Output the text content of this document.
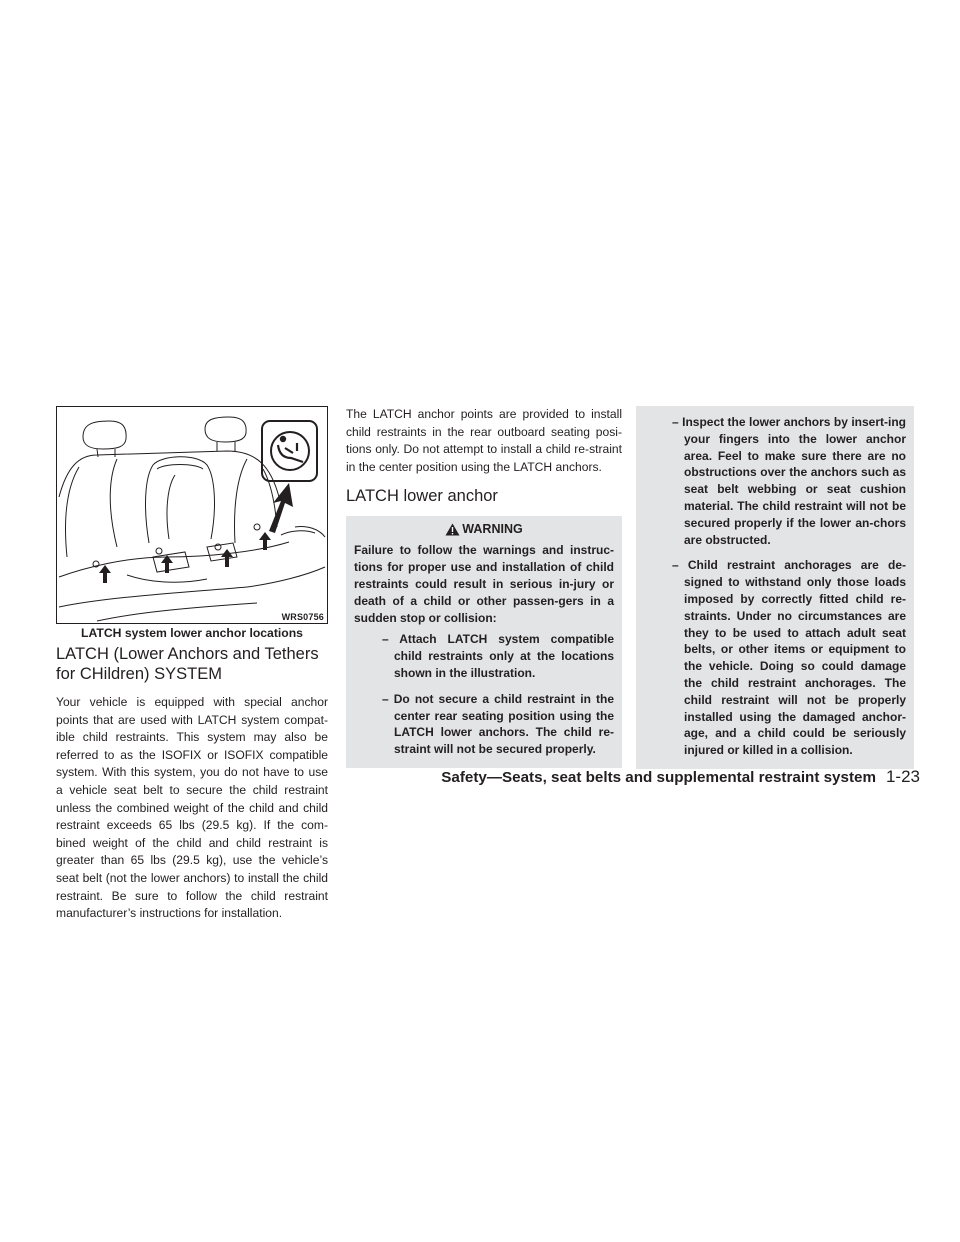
WRS0756
LATCH system lower anchor locations
LATCH (Lower Anchors and Tethers for CHildren) SYSTEM

Your vehicle is equipped with special anchor points that are used with LATCH system compat-ible child restraints. This system may also be referred to as the ISOFIX or ISOFIX compatible system. With this system, you do not have to use a vehicle seat belt to secure the child restraint unless the combined weight of the child and child restraint exceeds 65 lbs (29.5 kg). If the com-bined weight of the child and child restraint is greater than 65 lbs (29.5 kg), use the vehicle’s seat belt (not the lower anchors) to install the child restraint. Be sure to follow the child restraint manufacturer’s instructions for installation.

The LATCH anchor points are provided to install child restraints in the rear outboard seating posi-tions only. Do not attempt to install a child re-straint in the center position using the LATCH anchors.

LATCH lower anchor
WARNING

Failure to follow the warnings and instruc-tions for proper use and installation of child restraints could result in serious in-jury or death of a child or other passen-gers in a sudden stop or collision:

– Attach LATCH system compatible child restraints only at the locations shown in the illustration.
– Do not secure a child restraint in the center rear seating position using the LATCH lower anchors. The child re-straint will not be secured properly.
– Inspect the lower anchors by insert-ing your fingers into the lower anchor area. Feel to make sure there are no obstructions over the anchors such as seat belt webbing or seat cushion material. The child restraint will not be secured properly if the lower an-chors are obstructed.
– Child restraint anchorages are de-signed to withstand only those loads imposed by correctly fitted child re-straints. Under no circumstances are they to be used to attach adult seat belts, or other items or equipment to the vehicle. Doing so could damage the child restraint anchorages. The child restraint will not be properly installed using the damaged anchor-age, and a child could be seriously injured or killed in a collision.
Safety—Seats, seat belts and supplemental restraint system 1-23
